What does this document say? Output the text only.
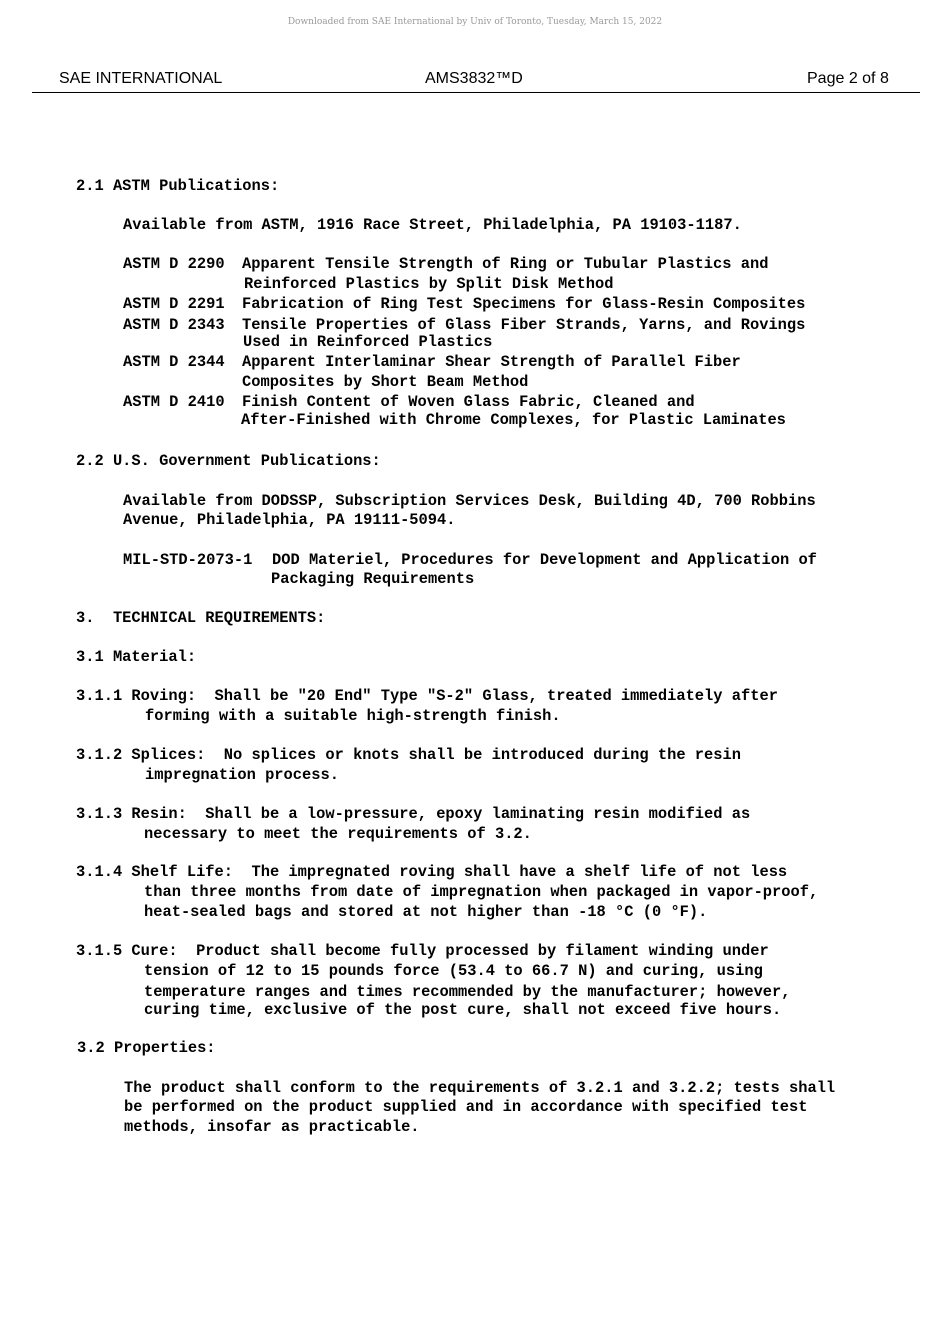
Downloaded from SAE International by Univ of Toronto, Tuesday, March 15, 2022
SAE INTERNATIONAL	AMS3832™D	Page 2 of 8

2.1 ASTM Publications:

Available from ASTM, 1916 Race Street, Philadelphia, PA 19103-1187.

ASTM D 2290 Apparent Tensile Strength of Ring or Tubular Plastics and

Reinforced Plastics by Split Disk Method

ASTM D 2291 Fabrication of Ring Test Specimens for Glass-Resin Composites

ASTM D 2343 Tensile Properties of Glass Fiber Strands, Yarns, and Rovings

Used in Reinforced Plastics

ASTM D 2344 Apparent Interlaminar Shear Strength of Parallel Fiber

Composites by Short Beam Method

ASTM D 2410 Finish Content of Woven Glass Fabric, Cleaned and

After-Finished with Chrome Complexes, for Plastic Laminates

2.2 U.S. Government Publications:

Available from DODSSP, Subscription Services Desk, Building 4D, 700 Robbins

Avenue, Philadelphia, PA 19111-5094.

MIL-STD-2073-1 DOD Materiel, Procedures for Development and Application of

Packaging Requirements

3.  TECHNICAL REQUIREMENTS:

3.1 Material:

3.1.1 Roving:  Shall be "20 End" Type "S-2" Glass, treated immediately after

forming with a suitable high-strength finish.

3.1.2 Splices:  No splices or knots shall be introduced during the resin

impregnation process.

3.1.3 Resin:  Shall be a low-pressure, epoxy laminating resin modified as

necessary to meet the requirements of 3.2.

3.1.4 Shelf Life:  The impregnated roving shall have a shelf life of not less

than three months from date of impregnation when packaged in vapor-proof,

heat-sealed bags and stored at not higher than -18 °C (0 °F).

3.1.5 Cure:  Product shall become fully processed by filament winding under

tension of 12 to 15 pounds force (53.4 to 66.7 N) and curing, using

temperature ranges and times recommended by the manufacturer; however,

curing time, exclusive of the post cure, shall not exceed five hours.

3.2 Properties:

The product shall conform to the requirements of 3.2.1 and 3.2.2; tests shall

be performed on the product supplied and in accordance with specified test

methods, insofar as practicable.
